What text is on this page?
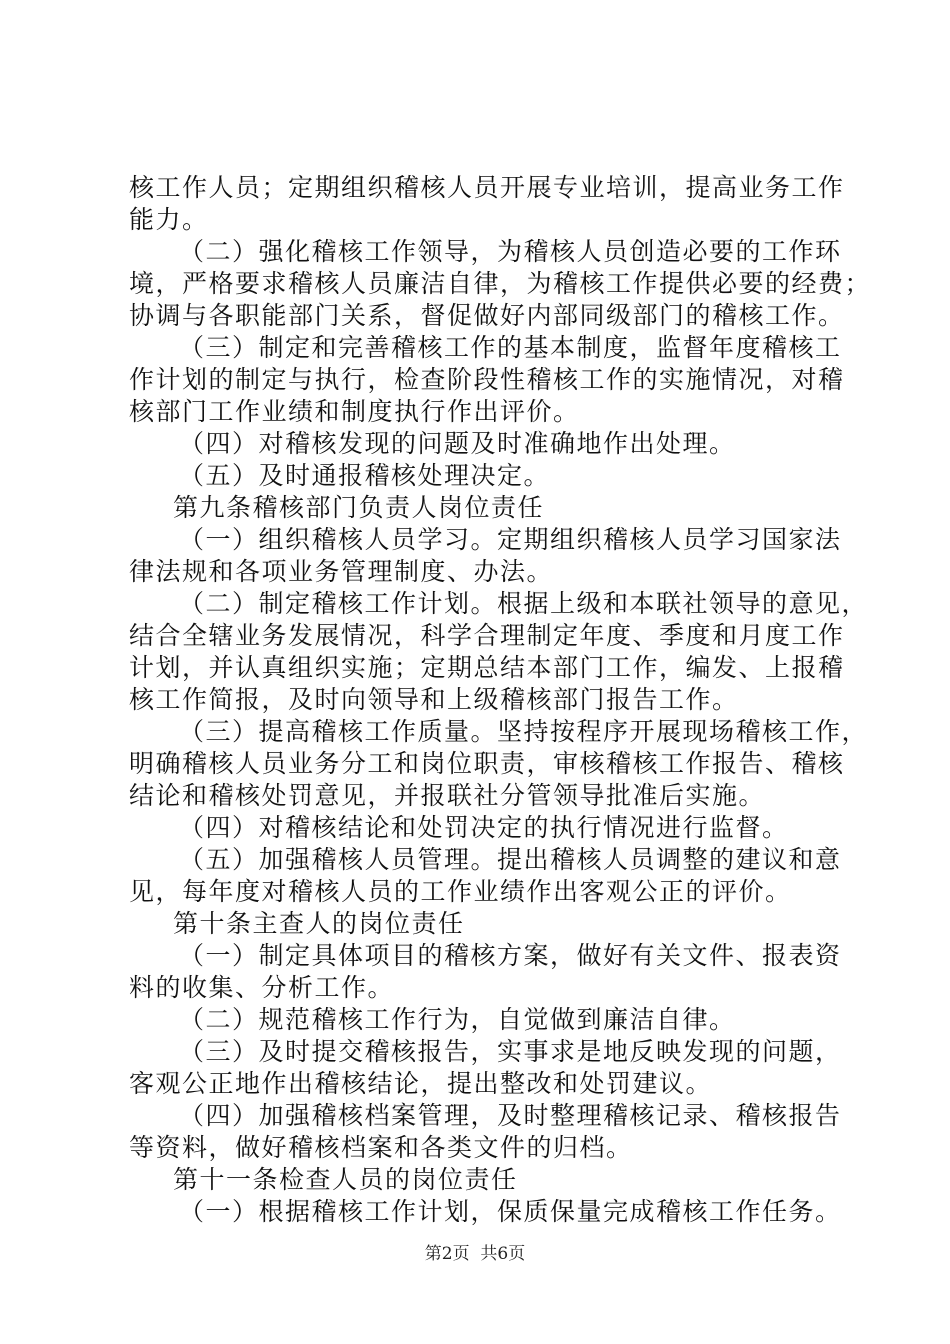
核工作人员；定期组织稽核人员开展专业培训，提高业务工作
能力。
（二）强化稽核工作领导，为稽核人员创造必要的工作环
境，严格要求稽核人员廉洁自律，为稽核工作提供必要的经费；
协调与各职能部门关系，督促做好内部同级部门的稽核工作。
（三）制定和完善稽核工作的基本制度，监督年度稽核工
作计划的制定与执行，检查阶段性稽核工作的实施情况，对稽
核部门工作业绩和制度执行作出评价。
（四）对稽核发现的问题及时准确地作出处理。
（五）及时通报稽核处理决定。
第九条稽核部门负责人岗位责任
（一）组织稽核人员学习。定期组织稽核人员学习国家法
律法规和各项业务管理制度、办法。
（二）制定稽核工作计划。根据上级和本联社领导的意见，
结合全辖业务发展情况，科学合理制定年度、季度和月度工作
计划，并认真组织实施；定期总结本部门工作，编发、上报稽
核工作简报，及时向领导和上级稽核部门报告工作。
（三）提高稽核工作质量。坚持按程序开展现场稽核工作，
明确稽核人员业务分工和岗位职责，审核稽核工作报告、稽核
结论和稽核处罚意见，并报联社分管领导批准后实施。
（四）对稽核结论和处罚决定的执行情况进行监督。
（五）加强稽核人员管理。提出稽核人员调整的建议和意
见，每年度对稽核人员的工作业绩作出客观公正的评价。
第十条主查人的岗位责任
（一）制定具体项目的稽核方案，做好有关文件、报表资
料的收集、分析工作。
（二）规范稽核工作行为，自觉做到廉洁自律。
（三）及时提交稽核报告，实事求是地反映发现的问题，
客观公正地作出稽核结论，提出整改和处罚建议。
（四）加强稽核档案管理，及时整理稽核记录、稽核报告
等资料，做好稽核档案和各类文件的归档。
第十一条检查人员的岗位责任
（一）根据稽核工作计划，保质保量完成稽核工作任务。
第2页  共6页
